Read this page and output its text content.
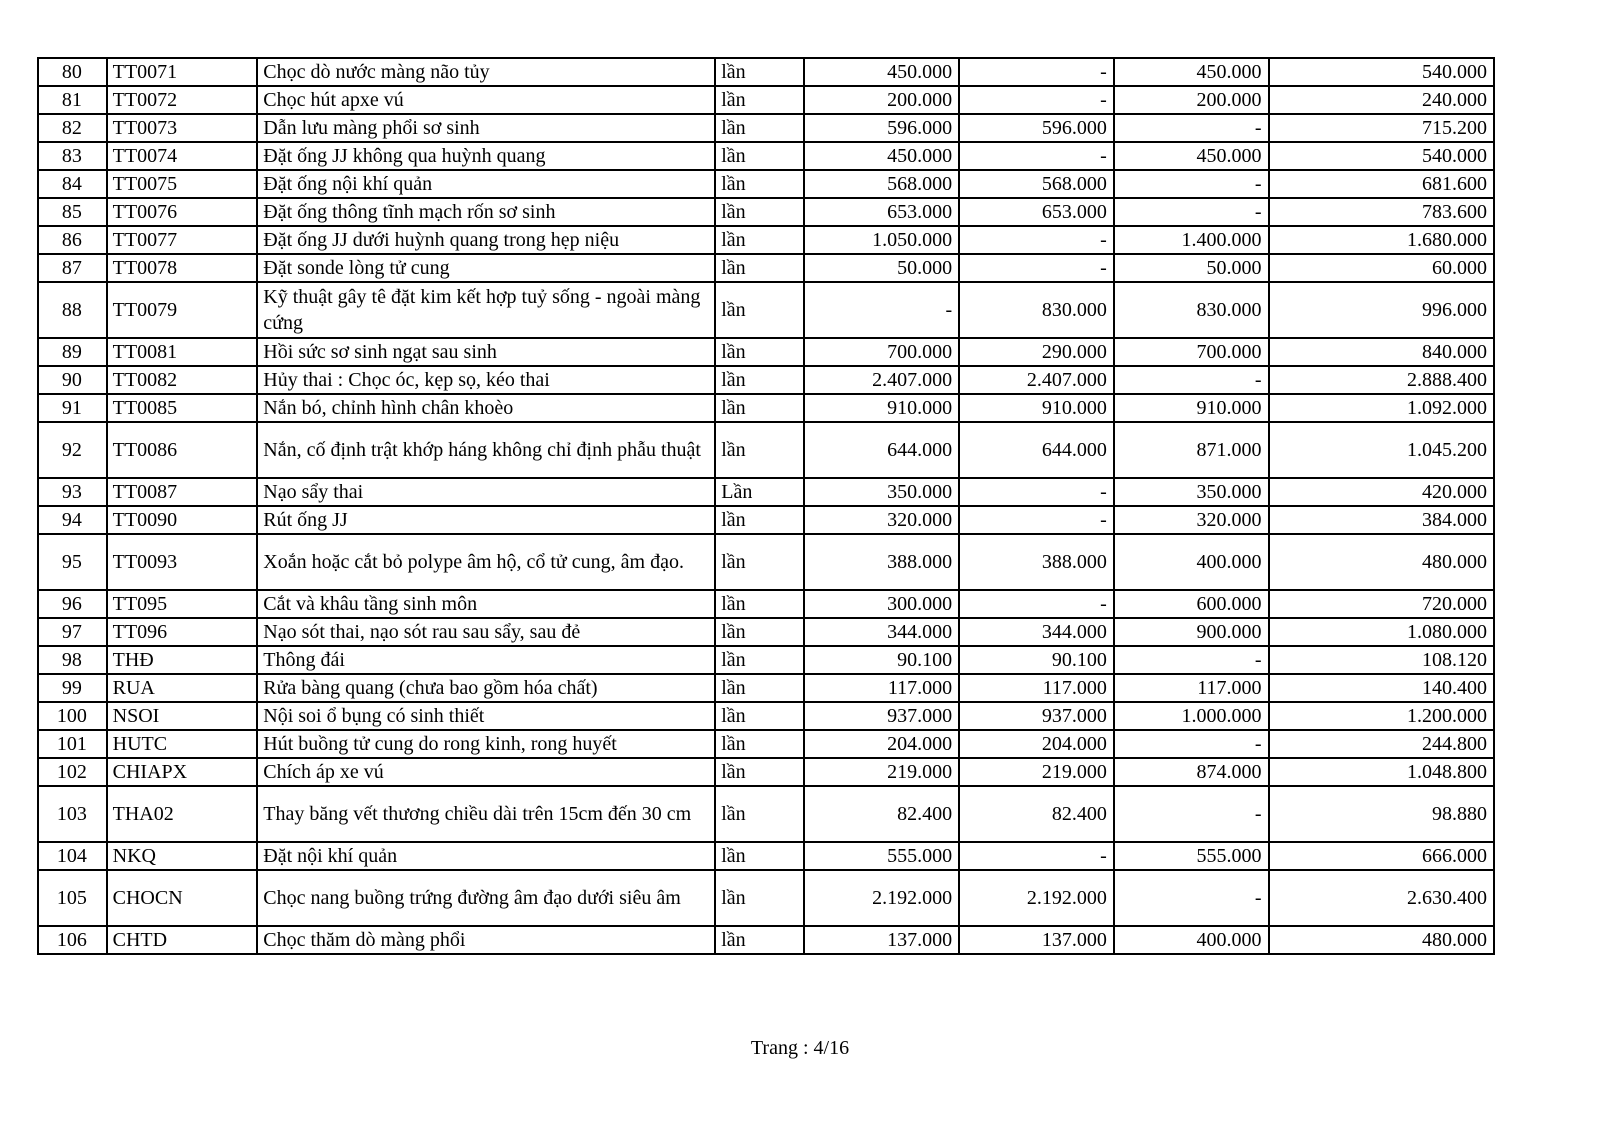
80	TT0071	Chọc dò nước màng não tủy	lần	450.000	-	450.000	540.000
81	TT0072	Chọc hút apxe vú	lần	200.000	-	200.000	240.000
82	TT0073	Dẫn lưu màng phổi sơ sinh	lần	596.000	596.000	-	715.200
83	TT0074	Đặt ống JJ không qua huỳnh quang	lần	450.000	-	450.000	540.000
84	TT0075	Đặt ống nội khí quản	lần	568.000	568.000	-	681.600
85	TT0076	Đặt ống thông tĩnh mạch rốn sơ sinh	lần	653.000	653.000	-	783.600
86	TT0077	Đặt ống JJ dưới huỳnh quang trong hẹp niệu	lần	1.050.000	-	1.400.000	1.680.000
87	TT0078	Đặt sonde lòng tử cung	lần	50.000	-	50.000	60.000
88	TT0079	Kỹ thuật gây tê đặt kim kết hợp tuỷ sống - ngoài màng cứng	lần	-	830.000	830.000	996.000
89	TT0081	Hồi sức sơ sinh ngạt sau sinh	lần	700.000	290.000	700.000	840.000
90	TT0082	Hủy thai : Chọc óc, kẹp sọ, kéo thai	lần	2.407.000	2.407.000	-	2.888.400
91	TT0085	Nắn bó, chỉnh hình chân khoèo	lần	910.000	910.000	910.000	1.092.000
92	TT0086	Nắn, cố định trật khớp háng không chỉ định phẫu thuật	lần	644.000	644.000	871.000	1.045.200
93	TT0087	Nạo sẩy thai	Lần	350.000	-	350.000	420.000
94	TT0090	Rút ống JJ	lần	320.000	-	320.000	384.000
95	TT0093	Xoắn hoặc cắt bỏ polype âm hộ, cổ tử cung, âm đạo.	lần	388.000	388.000	400.000	480.000
96	TT095	Cắt và khâu tầng sinh môn	lần	300.000	-	600.000	720.000
97	TT096	Nạo sót thai, nạo sót rau sau sẩy, sau đẻ	lần	344.000	344.000	900.000	1.080.000
98	THĐ	Thông đái	lần	90.100	90.100	-	108.120
99	RUA	Rửa bàng quang (chưa bao gồm hóa chất)	lần	117.000	117.000	117.000	140.400
100	NSOI	Nội soi ổ bụng có sinh thiết	lần	937.000	937.000	1.000.000	1.200.000
101	HUTC	Hút buồng tử cung do rong kinh, rong huyết	lần	204.000	204.000	-	244.800
102	CHIAPX	Chích áp xe vú	lần	219.000	219.000	874.000	1.048.800
103	THA02	Thay băng vết thương chiều dài trên 15cm đến 30 cm	lần	82.400	82.400	-	98.880
104	NKQ	Đặt nội khí quản	lần	555.000	-	555.000	666.000
105	CHOCN	Chọc nang buồng trứng đường âm đạo dưới siêu âm	lần	2.192.000	2.192.000	-	2.630.400
106	CHTD	Chọc thăm dò màng phổi	lần	137.000	137.000	400.000	480.000
Trang : 4/16
